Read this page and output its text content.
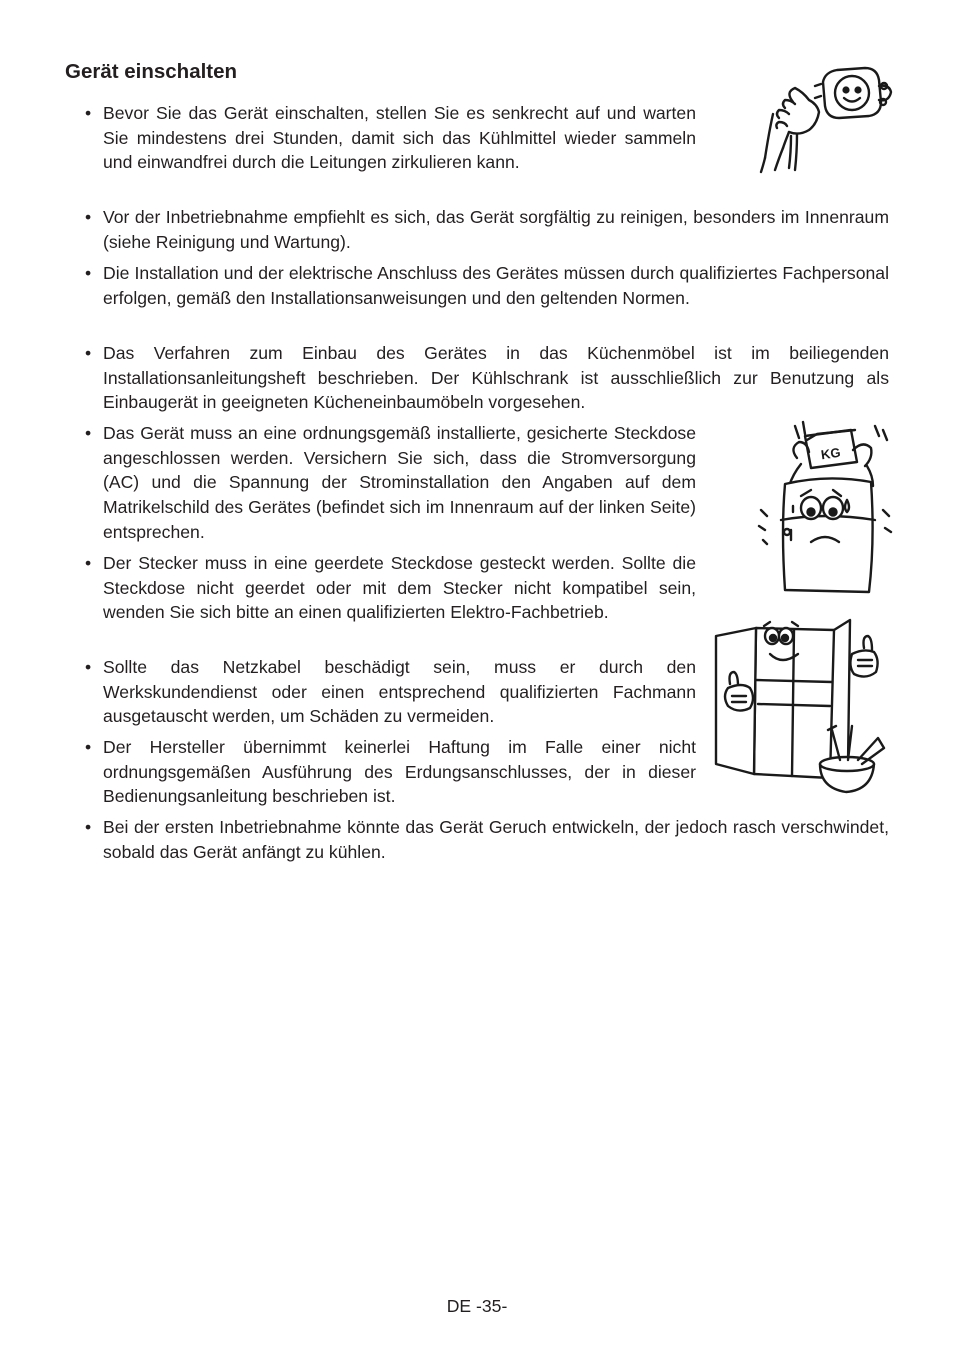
Gerät einschalten
• Bevor Sie das Gerät einschalten, stellen Sie es senkrecht auf und warten Sie mindestens drei Stunden, damit sich das Kühlmittel wieder sammeln und einwandfrei durch die Leitungen zirkulieren kann.
• Vor der Inbetriebnahme empfiehlt es sich, das Gerät sorgfältig zu reinigen, besonders im Innenraum (siehe Reinigung und Wartung).
• Die Installation und der elektrische Anschluss des Gerätes müssen durch qualifiziertes Fachpersonal erfolgen, gemäß den Installationsanweisungen und den geltenden Normen.
• Das Verfahren zum Einbau des Gerätes in das Küchenmöbel ist im beiliegenden Installationsanleitungsheft beschrieben. Der Kühlschrank ist ausschließlich zur Benutzung als Einbaugerät in geeigneten Kücheneinbaumöbeln vorgesehen.
• Das Gerät muss an eine ordnungsgemäß installierte, gesicherte Steckdose angeschlossen werden. Versichern Sie sich, dass die Stromversorgung (AC) und die Spannung der Strominstallation den Angaben auf dem Matrikelschild des Gerätes (befindet sich im Innenraum auf der linken Seite) entsprechen.
• Der Stecker muss in eine geerdete Steckdose gesteckt werden. Sollte die Steckdose nicht geerdet oder mit dem Stecker nicht kompatibel sein, wenden Sie sich bitte an einen qualifizierten Elektro-Fachbetrieb.
• Sollte das Netzkabel beschädigt sein, muss er durch den Werkskundendienst oder einen entsprechend qualifizierten Fachmann ausgetauscht werden, um Schäden zu vermeiden.
• Der Hersteller übernimmt keinerlei Haftung im Falle einer nicht ordnungsgemäßen Ausführung des Erdungsanschlusses, der in dieser Bedienungsanleitung beschrieben ist.
• Bei der ersten Inbetriebnahme könnte das Gerät Geruch entwickeln, der jedoch rasch verschwindet, sobald das Gerät anfängt zu kühlen.
KG
DE -35-
